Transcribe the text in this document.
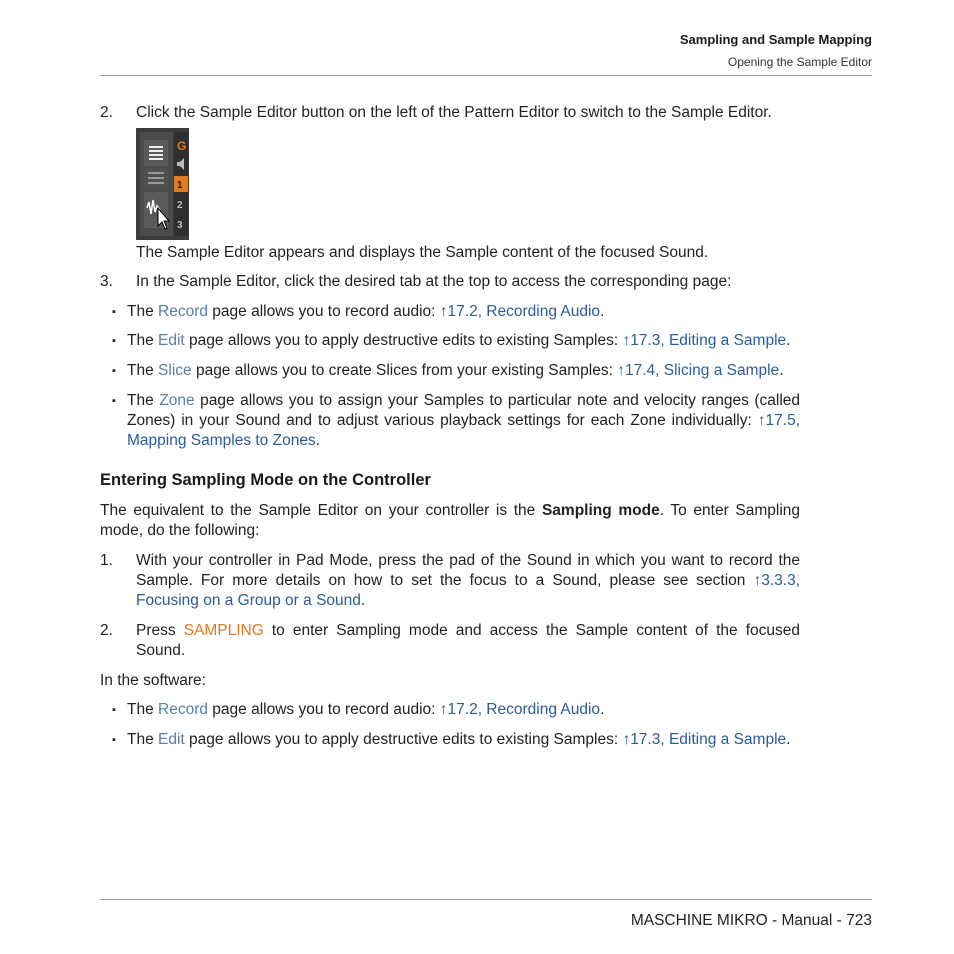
Sampling and Sample Mapping
Opening the Sample Editor
2. Click the Sample Editor button on the left of the Pattern Editor to switch to the Sample Editor.
G
1
2
3

The Sample Editor appears and displays the Sample content of the focused Sound.

3. In the Sample Editor, click the desired tab at the top to access the corresponding page:
▪ The Record page allows you to record audio: ↑17.2, Recording Audio.
▪ The Edit page allows you to apply destructive edits to existing Samples: ↑17.3, Editing a Sample.
▪ The Slice page allows you to create Slices from your existing Samples: ↑17.4, Slicing a Sample.
▪ The Zone page allows you to assign your Samples to particular note and velocity ranges (called Zones) in your Sound and to adjust various playback settings for each Zone individually: ↑17.5, Mapping Samples to Zones.

Entering Sampling Mode on the Controller

The equivalent to the Sample Editor on your controller is the Sampling mode. To enter Sampling mode, do the following:

1. With your controller in Pad Mode, press the pad of the Sound in which you want to record the Sample. For more details on how to set the focus to a Sound, please see section ↑3.3.3, Focusing on a Group or a Sound.
2. Press SAMPLING to enter Sampling mode and access the Sample content of the focused Sound.

In the software:

▪ The Record page allows you to record audio: ↑17.2, Recording Audio.
▪ The Edit page allows you to apply destructive edits to existing Samples: ↑17.3, Editing a Sample.
MASCHINE MIKRO - Manual - 723
